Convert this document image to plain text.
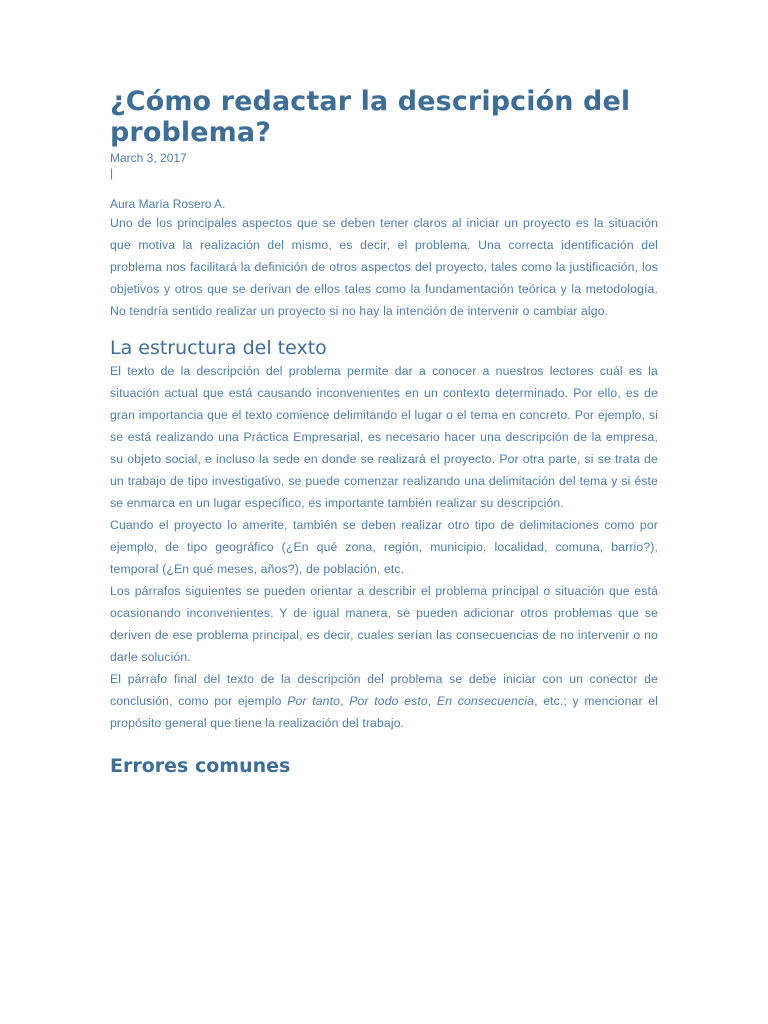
¿Cómo redactar la descripción del problema?
March 3, 2017
|
Aura María Rosero A.

Uno de los principales aspectos que se deben tener claros al iniciar un proyecto es la situación que motiva la realización del mismo, es decir, el problema. Una correcta identificación del problema nos facilitará la definición de otros aspectos del proyecto, tales como la justificación, los objetivos y otros que se derivan de ellos tales como la fundamentación teórica y la metodología. No tendría sentido realizar un proyecto si no hay la intención de intervenir o cambiar algo.

La estructura del texto

El texto de la descripción del problema permite dar a conocer a nuestros lectores cuál es la situación actual que está causando inconvenientes en un contexto determinado. Por ello, es de gran importancia que el texto comience delimitando el lugar o el tema en concreto. Por ejemplo, si se está realizando una Práctica Empresarial, es necesario hacer una descripción de la empresa, su objeto social, e incluso la sede en donde se realizará el proyecto. Por otra parte, si se trata de un trabajo de tipo investigativo, se puede comenzar realizando una delimitación del tema y si éste se enmarca en un lugar específico, es importante también realizar su descripción.

Cuando el proyecto lo amerite, también se deben realizar otro tipo de delimitaciones como por ejemplo, de tipo geográfico (¿En qué zona, región, municipio, localidad, comuna, barrio?), temporal (¿En qué meses, años?), de población, etc.

Los párrafos siguientes se pueden orientar a describir el problema principal o situación que está ocasionando inconvenientes. Y de igual manera, se pueden adicionar otros problemas que se deriven de ese problema principal, es decir, cuales serían las consecuencias de no intervenir o no darle solución.

El párrafo final del texto de la descripción del problema se debe iniciar con un conector de conclusión, como por ejemplo Por tanto, Por todo esto, En consecuencia, etc.; y mencionar el propósito general que tiene la realización del trabajo.

Errores comunes
